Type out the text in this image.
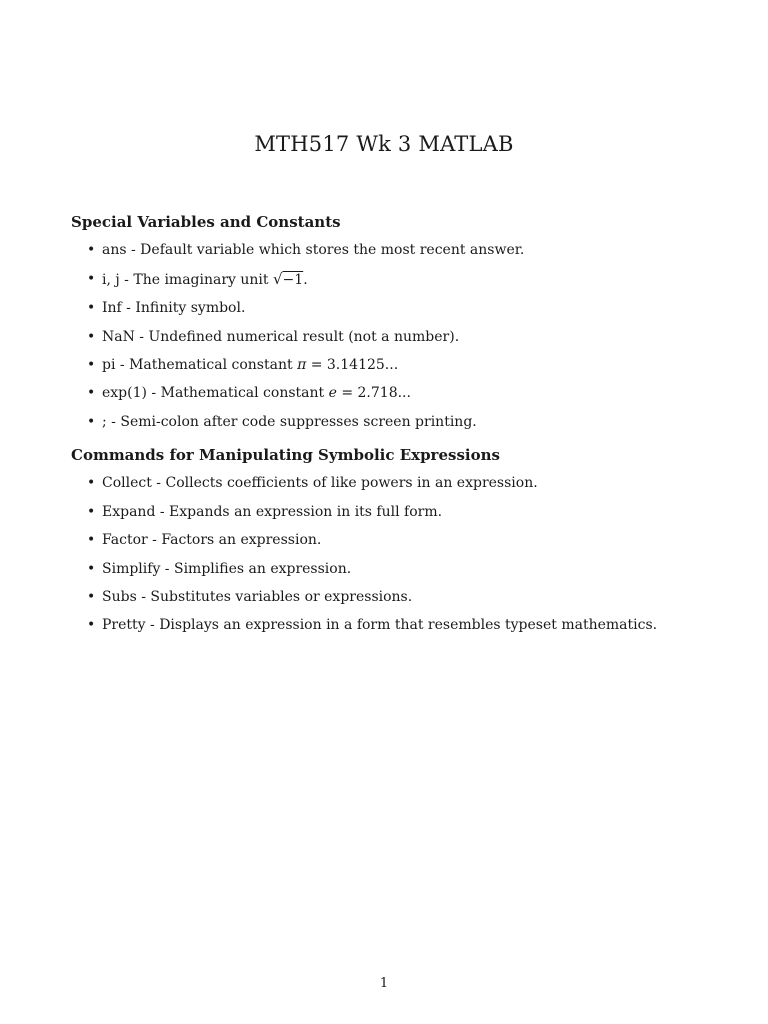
MTH517 Wk 3 MATLAB
Special Variables and Constants
• ans - Default variable which stores the most recent answer.
• i, j - The imaginary unit √−1.
• Inf - Infinity symbol.
• NaN - Undefined numerical result (not a number).
• pi - Mathematical constant π = 3.14125...
• exp(1) - Mathematical constant e = 2.718...
• ; - Semi-colon after code suppresses screen printing.
Commands for Manipulating Symbolic Expressions
• Collect - Collects coefficients of like powers in an expression.
• Expand - Expands an expression in its full form.
• Factor - Factors an expression.
• Simplify - Simplifies an expression.
• Subs - Substitutes variables or expressions.
• Pretty - Displays an expression in a form that resembles typeset mathematics.
1
